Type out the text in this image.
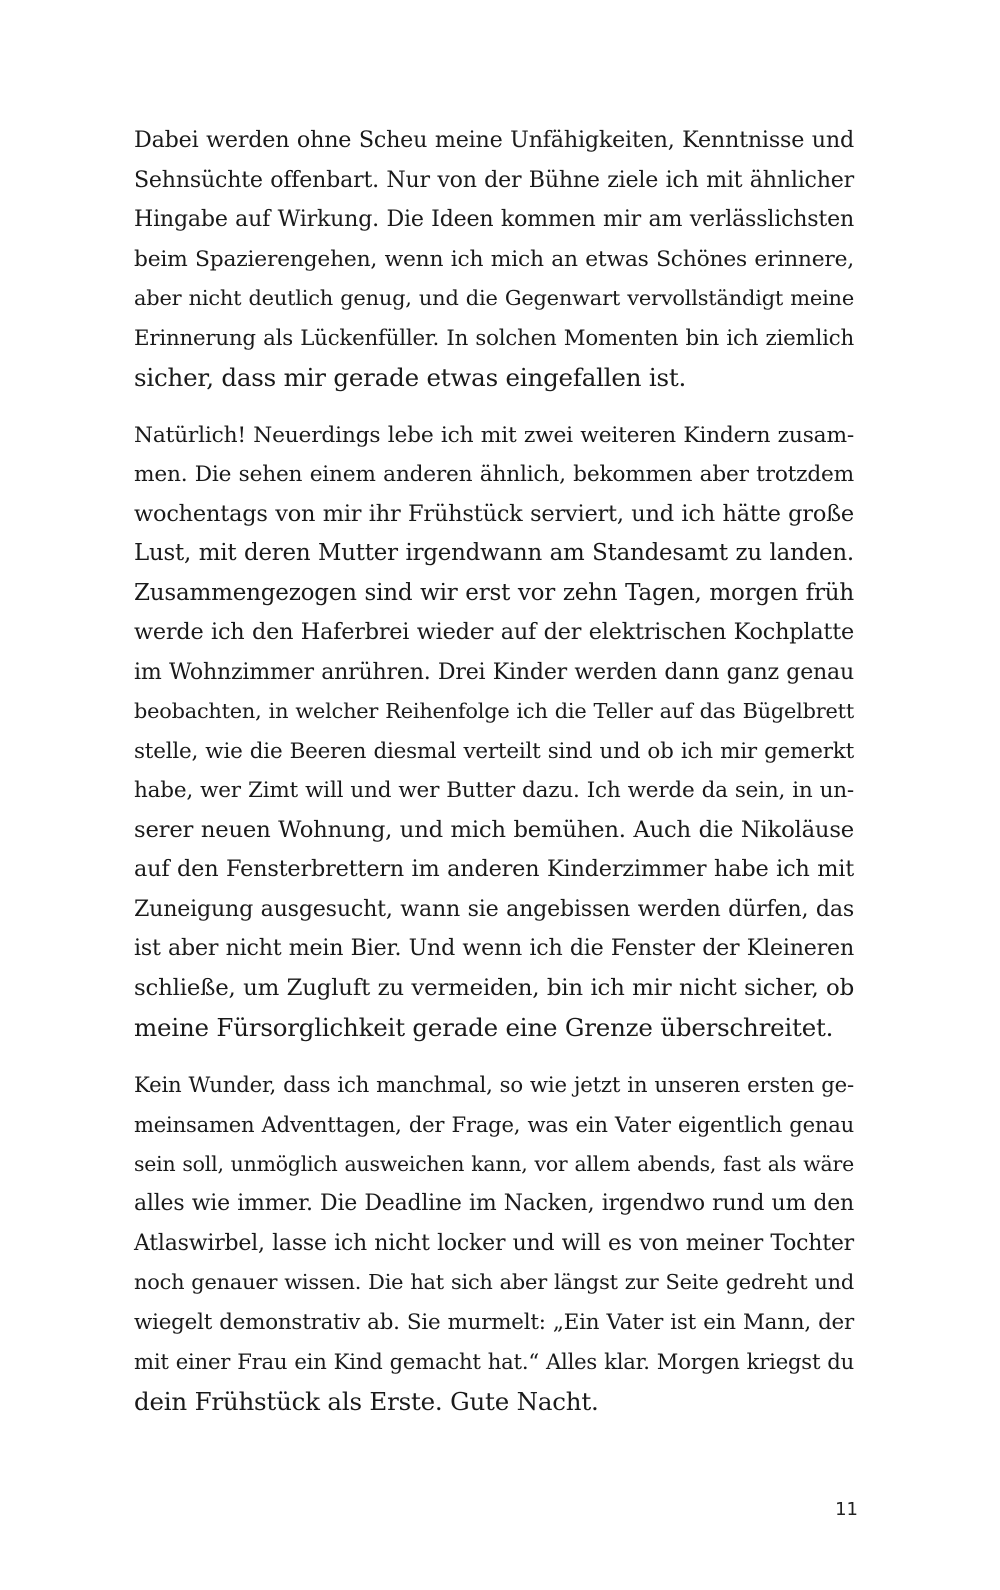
Dabei werden ohne Scheu meine Unfähigkeiten, Kenntnisse und
Sehnsüchte offenbart. Nur von der Bühne ziele ich mit ähnlicher
Hingabe auf Wirkung. Die Ideen kommen mir am verlässlichsten
beim Spazierengehen, wenn ich mich an etwas Schönes erinnere,
aber nicht deutlich genug, und die Gegenwart vervollständigt meine
Erinnerung als Lückenfüller. In solchen Momenten bin ich ziemlich
sicher, dass mir gerade etwas eingefallen ist.
Natürlich! Neuerdings lebe ich mit zwei weiteren Kindern zusam-
men. Die sehen einem anderen ähnlich, bekommen aber trotzdem
wochentags von mir ihr Frühstück serviert, und ich hätte große
Lust, mit deren Mutter irgendwann am Standesamt zu landen.
Zusammengezogen sind wir erst vor zehn Tagen, morgen früh
werde ich den Haferbrei wieder auf der elektrischen Kochplatte
im Wohnzimmer anrühren. Drei Kinder werden dann ganz genau
beobachten, in welcher Reihenfolge ich die Teller auf das Bügelbrett
stelle, wie die Beeren diesmal verteilt sind und ob ich mir gemerkt
habe, wer Zimt will und wer Butter dazu. Ich werde da sein, in un-
serer neuen Wohnung, und mich bemühen. Auch die Nikoläuse
auf den Fensterbrettern im anderen Kinderzimmer habe ich mit
Zuneigung ausgesucht, wann sie angebissen werden dürfen, das
ist aber nicht mein Bier. Und wenn ich die Fenster der Kleineren
schließe, um Zugluft zu vermeiden, bin ich mir nicht sicher, ob
meine Fürsorglichkeit gerade eine Grenze überschreitet.
Kein Wunder, dass ich manchmal, so wie jetzt in unseren ersten ge-
meinsamen Adventtagen, der Frage, was ein Vater eigentlich genau
sein soll, unmöglich ausweichen kann, vor allem abends, fast als wäre
alles wie immer. Die Deadline im Nacken, irgendwo rund um den
Atlaswirbel, lasse ich nicht locker und will es von meiner Tochter
noch genauer wissen. Die hat sich aber längst zur Seite gedreht und
wiegelt demonstrativ ab. Sie murmelt: „Ein Vater ist ein Mann, der
mit einer Frau ein Kind gemacht hat.“ Alles klar. Morgen kriegst du
dein Frühstück als Erste. Gute Nacht.
11
